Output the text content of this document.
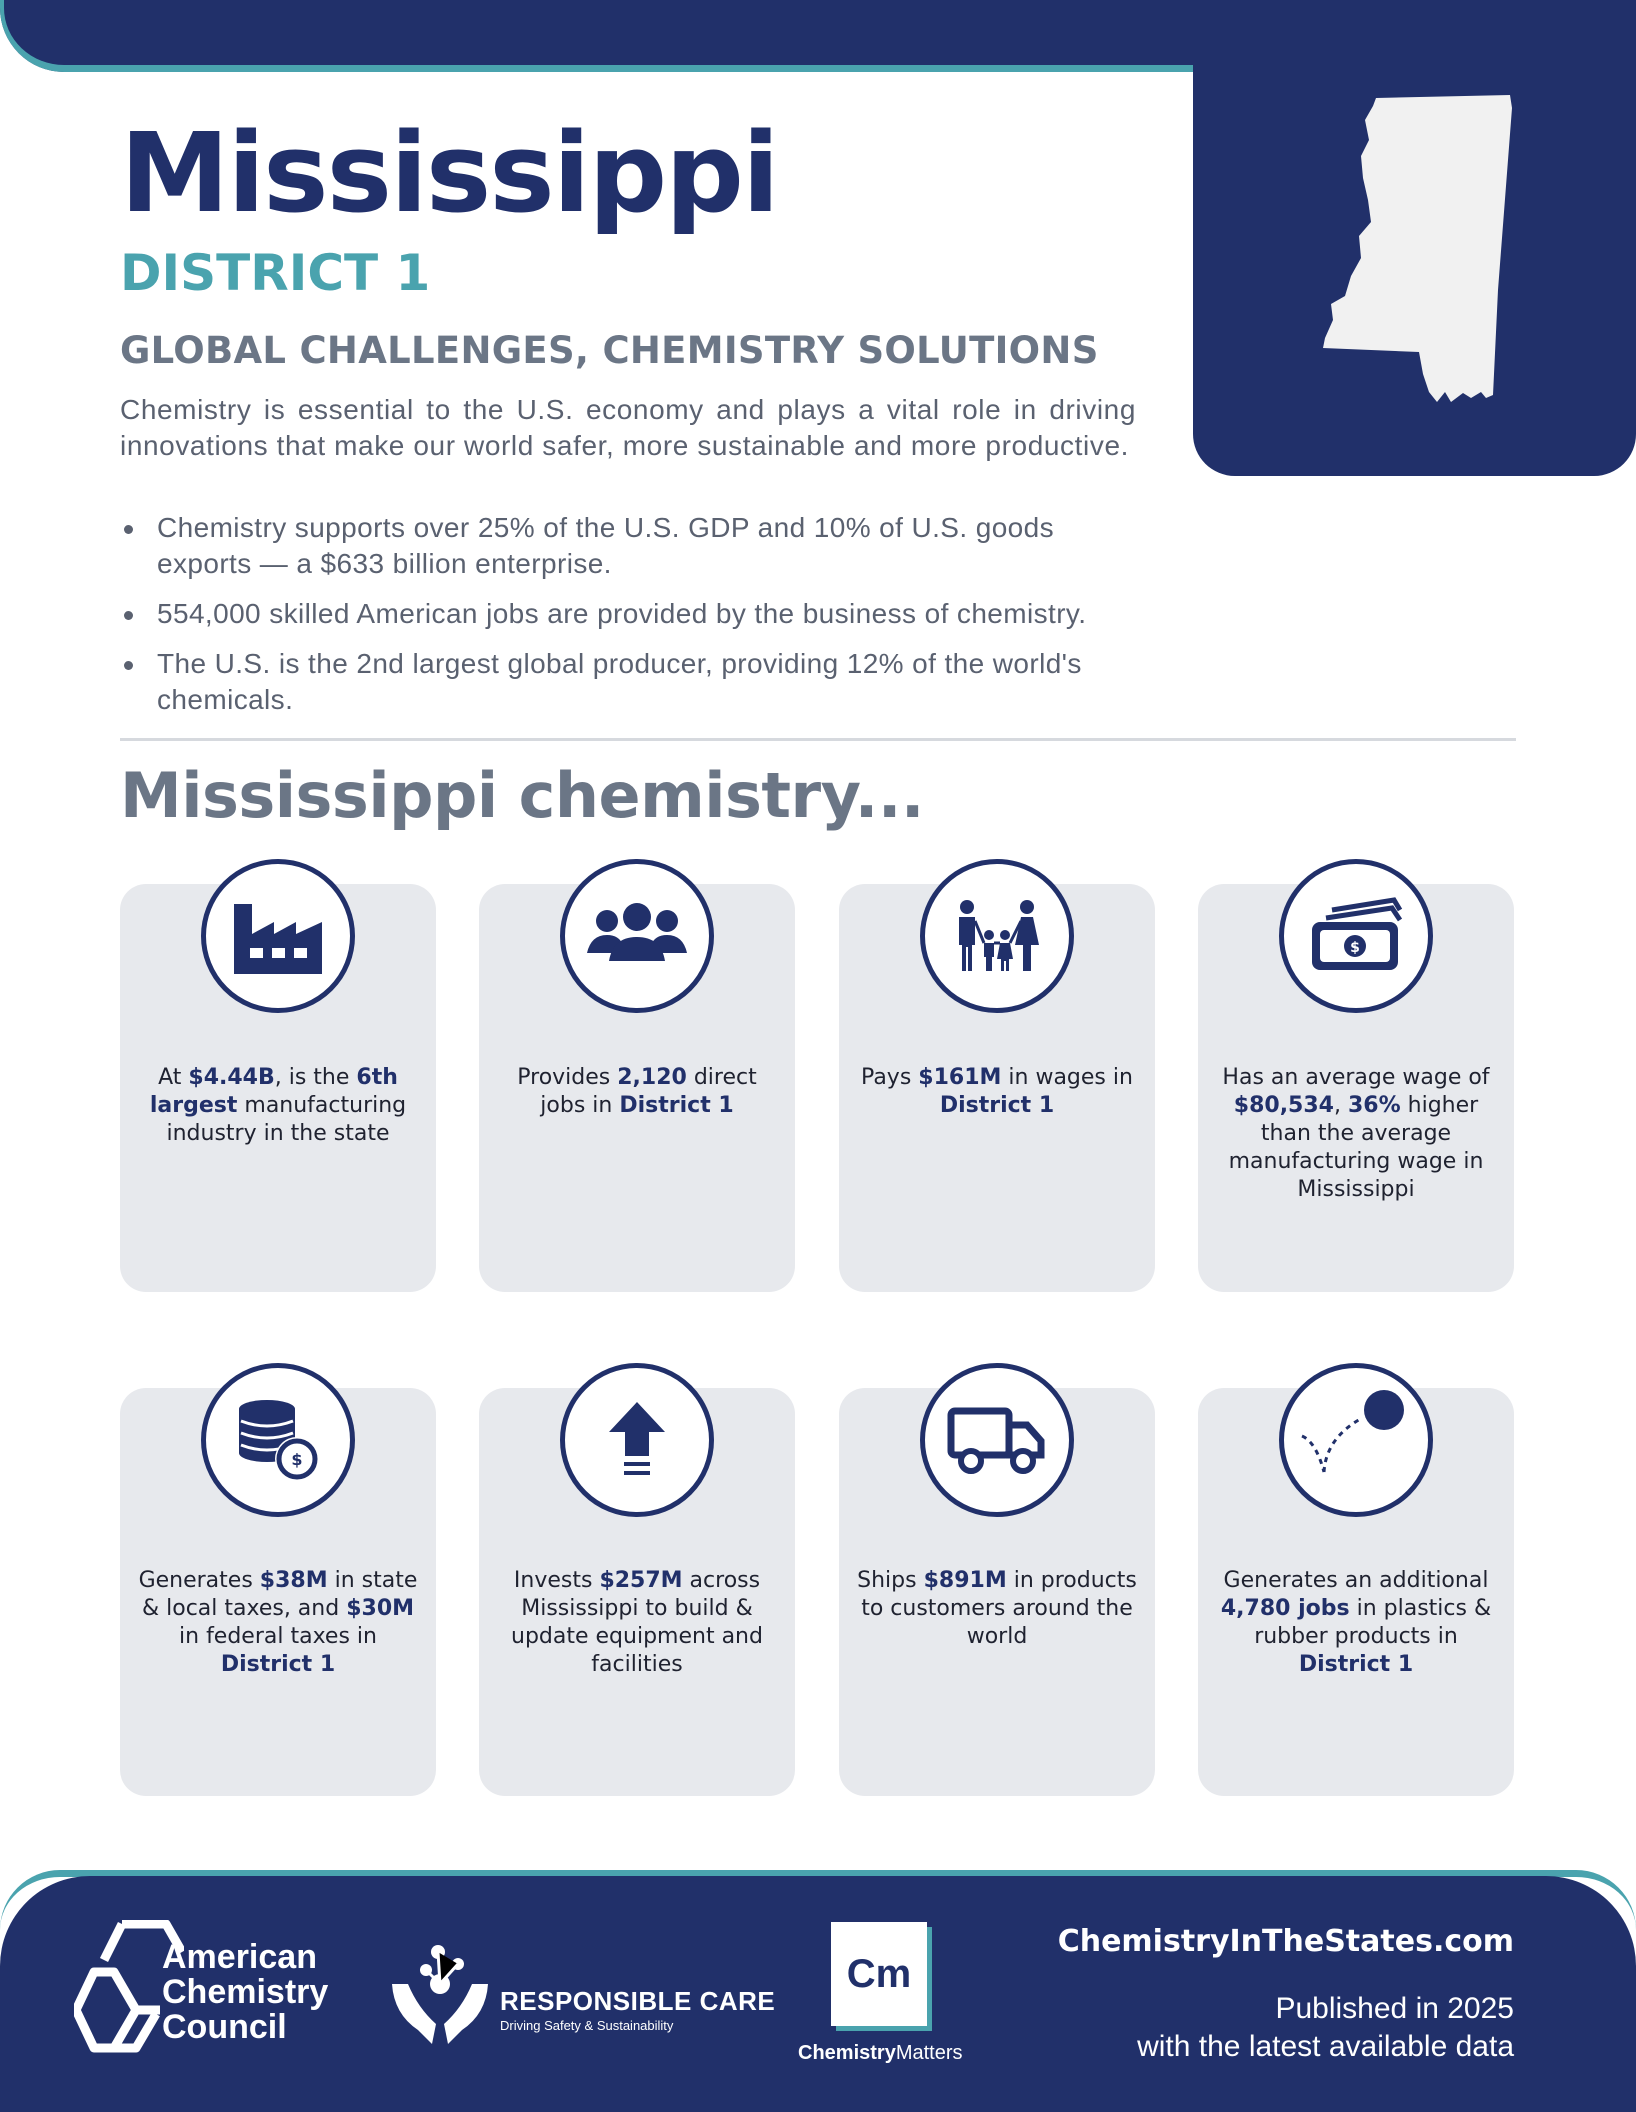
Mississippi
DISTRICT 1
GLOBAL CHALLENGES, CHEMISTRY SOLUTIONS

Chemistry is essential to the U.S. economy and plays a vital role in driving innovations that make our world safer, more sustainable and more productive.

Chemistry supports over 25% of the U.S. GDP and 10% of U.S. goods exports — a $633 billion enterprise.
554,000 skilled American jobs are provided by the business of chemistry.
The U.S. is the 2nd largest global producer, providing 12% of the world's chemicals.
Mississippi chemistry...

At $4.44B, is the 6th largest manufacturing industry in the state

Provides 2,120 direct jobs in District 1

Pays $161M in wages in District 1

$

Has an average wage of $80,534, 36% higher than the average manufacturing wage in Mississippi

$

Generates $38M in state & local taxes, and $30M in federal taxes in District 1

Invests $257M across Mississippi to build & update equipment and facilities

Ships $891M in products to customers around the world

Generates an additional 4,780 jobs in plastics & rubber products in District 1

American
Chemistry
Council
RESPONSIBLE CARE
Driving Safety & Sustainability
Cm
ChemistryMatters
ChemistryInTheStates.com
Published in 2025
with the latest available data
